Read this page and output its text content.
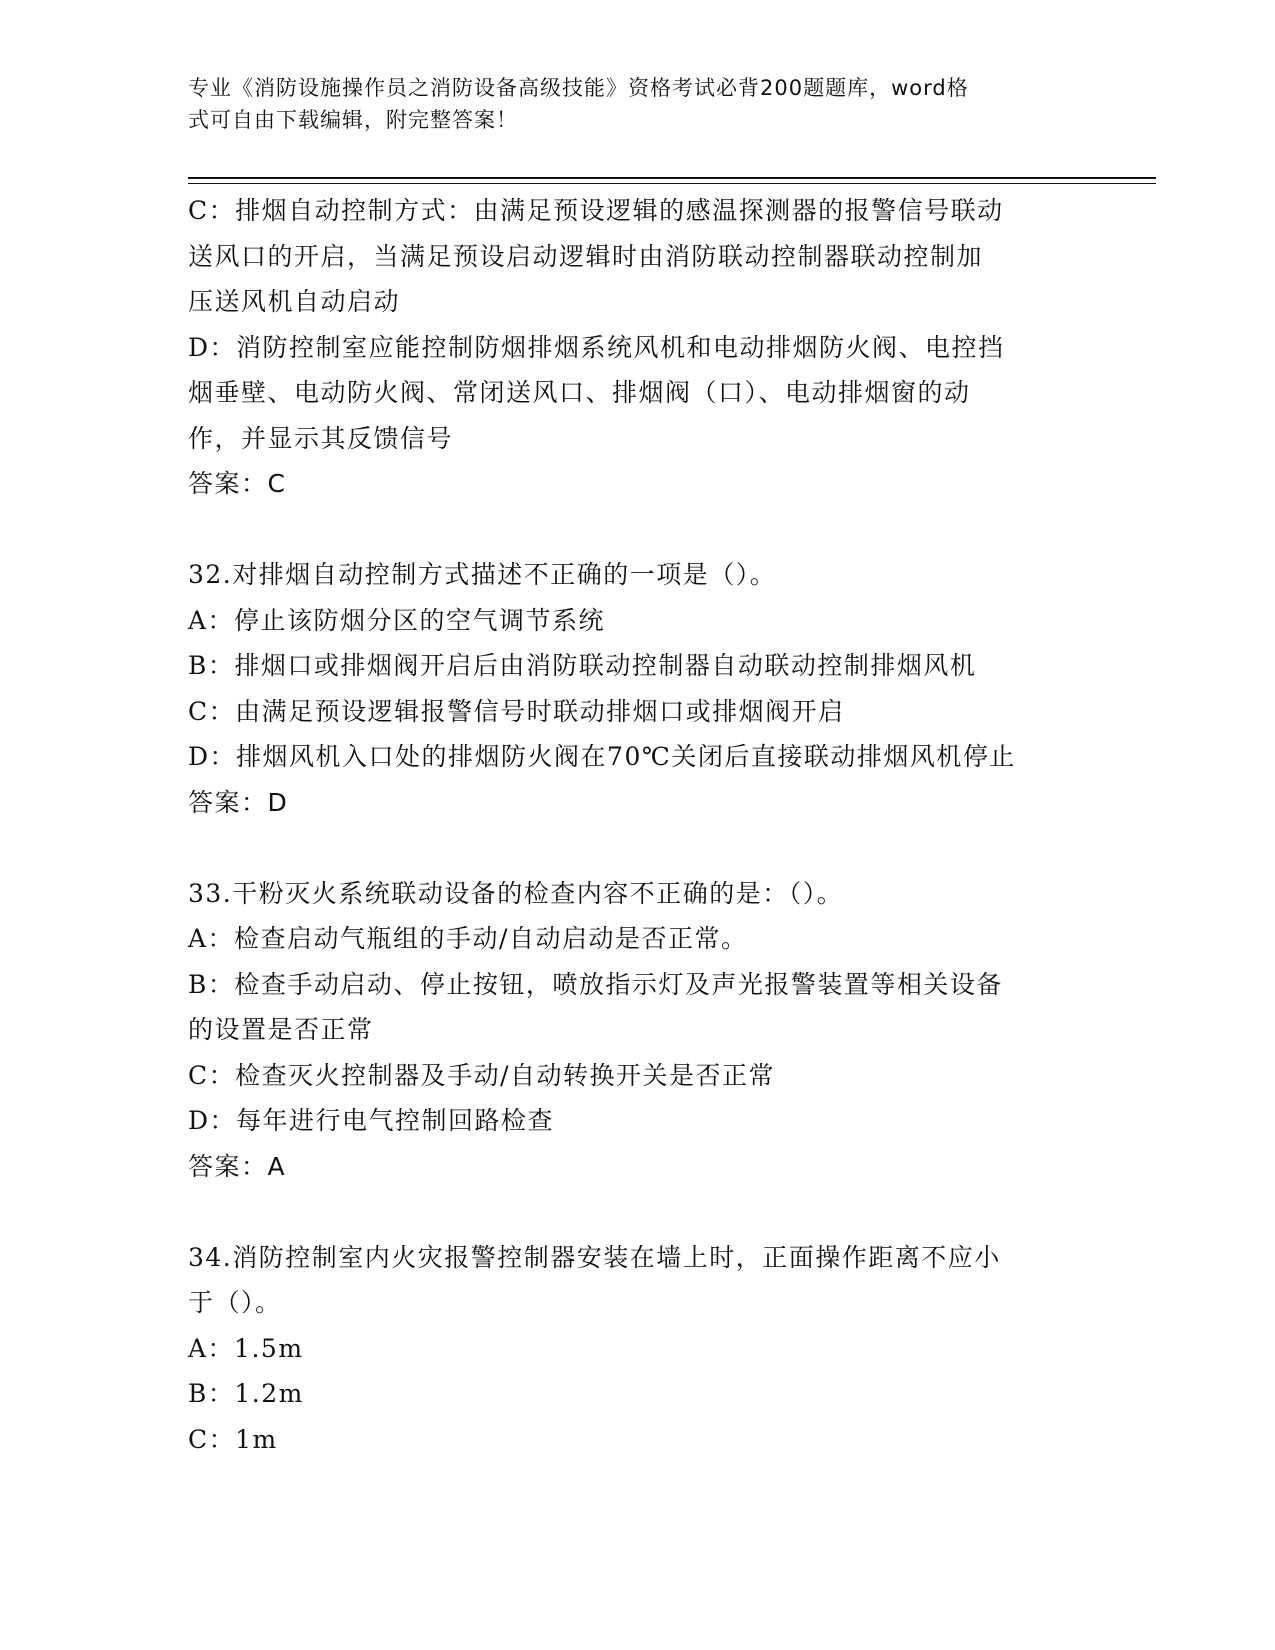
专业《消防设施操作员之消防设备高级技能》资格考试必背200题题库，word格

式可自由下载编辑，附完整答案！

C：排烟自动控制方式：由满足预设逻辑的感温探测器的报警信号联动

送风口的开启，当满足预设启动逻辑时由消防联动控制器联动控制加

压送风机自动启动

D：消防控制室应能控制防烟排烟系统风机和电动排烟防火阀、电控挡

烟垂壁、电动防火阀、常闭送风口、排烟阀（口）、电动排烟窗的动

作，并显示其反馈信号

答案：C

32.对排烟自动控制方式描述不正确的一项是（）。

A：停止该防烟分区的空气调节系统

B：排烟口或排烟阀开启后由消防联动控制器自动联动控制排烟风机

C：由满足预设逻辑报警信号时联动排烟口或排烟阀开启

D：排烟风机入口处的排烟防火阀在70℃关闭后直接联动排烟风机停止

答案：D

33.干粉灭火系统联动设备的检查内容不正确的是：（）。

A：检查启动气瓶组的手动/自动启动是否正常。

B：检查手动启动、停止按钮，喷放指示灯及声光报警装置等相关设备

的设置是否正常

C：检查灭火控制器及手动/自动转换开关是否正常

D：每年进行电气控制回路检查

答案：A

34.消防控制室内火灾报警控制器安装在墙上时，正面操作距离不应小

于（）。

A：1.5m

B：1.2m

C：1m
